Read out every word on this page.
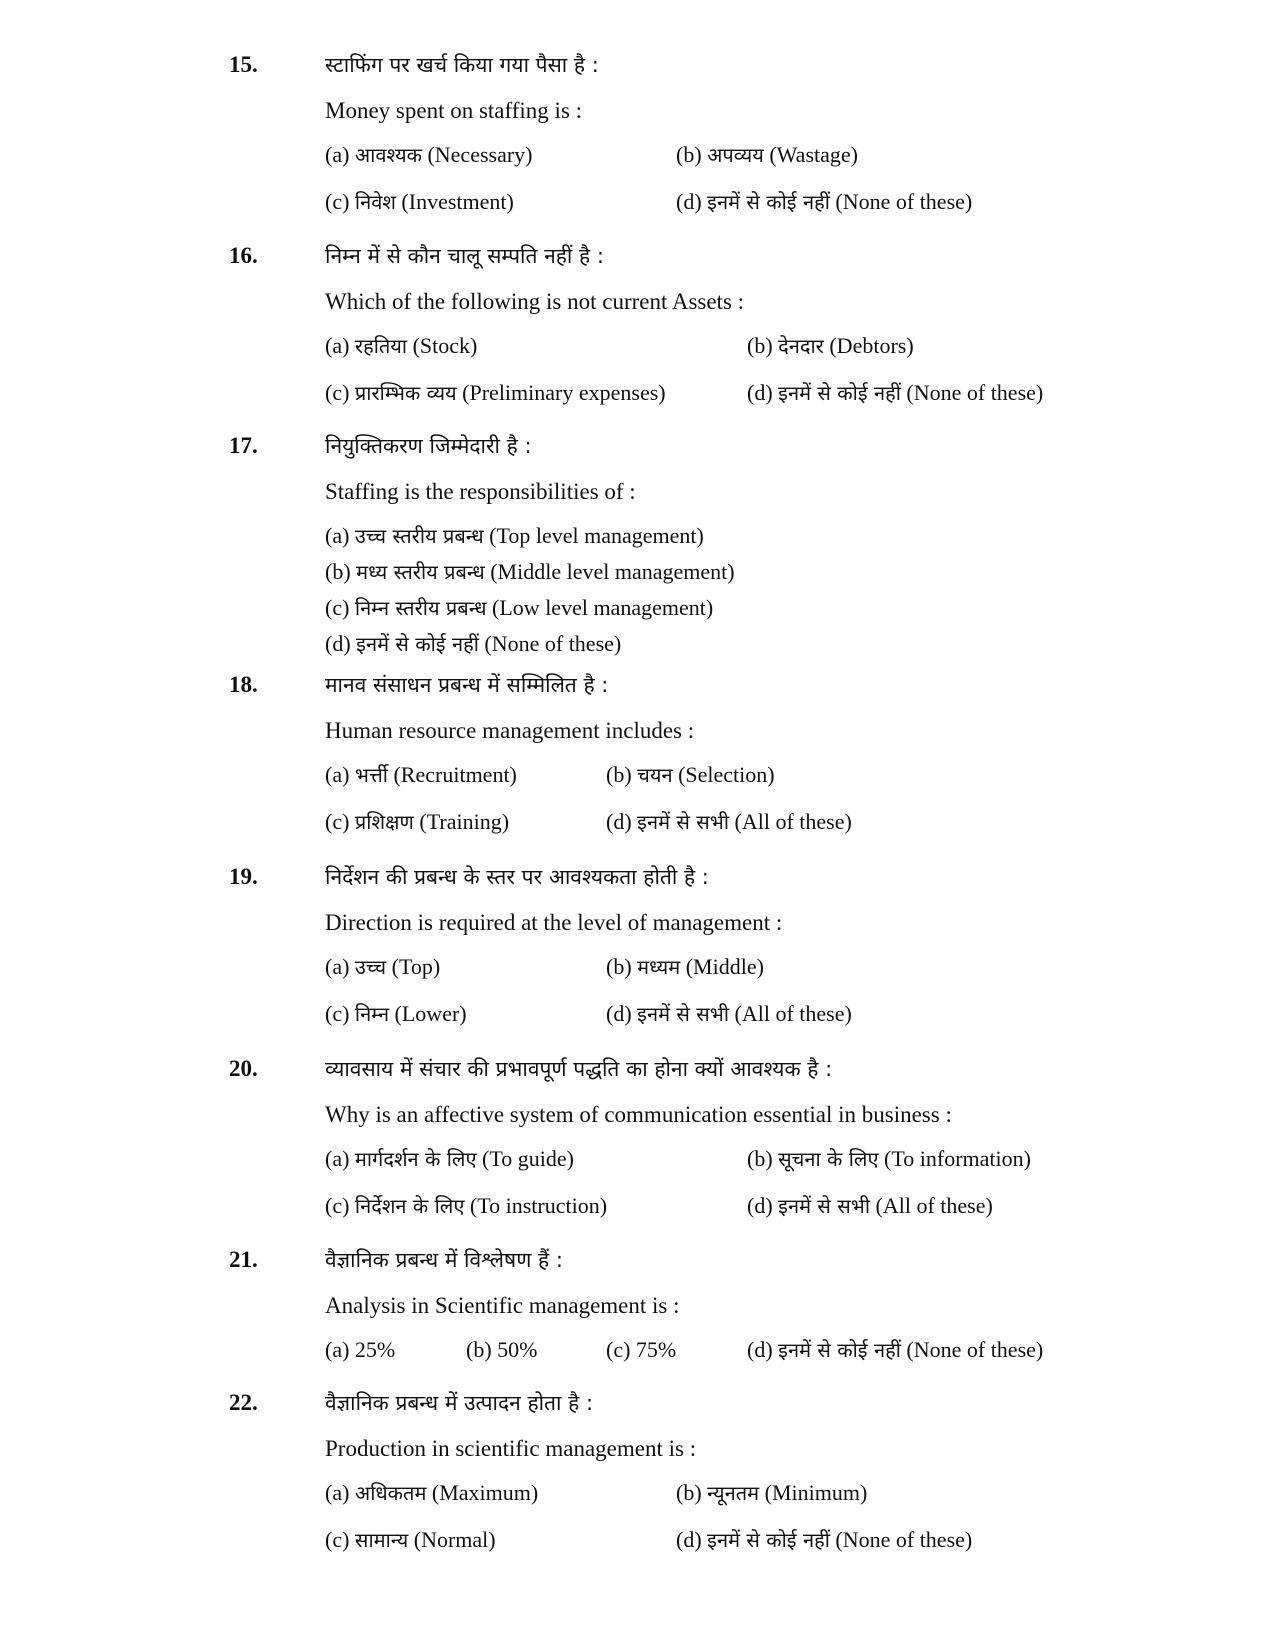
15.	स्टाफिंग पर खर्च किया गया पैसा है :
Money spent on staffing is :
(a) आवश्यक (Necessary)	(b) अपव्यय (Wastage)
(c) निवेश (Investment)	(d) इनमें से कोई नहीं (None of these)
16.	निम्न में से कौन चालू सम्पति नहीं है :
Which of the following is not current Assets :
(a) रहतिया (Stock)	(b) देनदार (Debtors)
(c) प्रारम्भिक व्यय (Preliminary expenses)	(d) इनमें से कोई नहीं (None of these)
17.	नियुक्तिकरण जिम्मेदारी है :
Staffing is the responsibilities of :
(a) उच्च स्तरीय प्रबन्ध (Top level management)
(b) मध्य स्तरीय प्रबन्ध (Middle level management)
(c) निम्न स्तरीय प्रबन्ध (Low level management)
(d) इनमें से कोई नहीं (None of these)
18.	मानव संसाधन प्रबन्ध में सम्मिलित है :
Human resource management includes :
(a) भर्त्ती (Recruitment)	(b) चयन (Selection)
(c) प्रशिक्षण (Training)	(d) इनमें से सभी (All of these)
19.	निर्देशन की प्रबन्ध के स्तर पर आवश्यकता होती है :
Direction is required at the level of management :
(a) उच्च (Top)	(b) मध्यम (Middle)
(c) निम्न (Lower)	(d) इनमें से सभी (All of these)
20.	व्यावसाय में संचार की प्रभावपूर्ण पद्धति का होना क्यों आवश्यक है :
Why is an affective system of communication essential in business :
(a) मार्गदर्शन के लिए (To guide)	(b) सूचना के लिए (To information)
(c) निर्देशन के लिए (To instruction)	(d) इनमें से सभी (All of these)
21.	वैज्ञानिक प्रबन्ध में विश्लेषण हैं :
Analysis in Scientific management is :
(a) 25%	(b) 50%	(c) 75%	(d) इनमें से कोई नहीं (None of these)
22.	वैज्ञानिक प्रबन्ध में उत्पादन होता है :
Production in scientific management is :
(a) अधिकतम (Maximum)	(b) न्यूनतम (Minimum)
(c) सामान्य (Normal)	(d) इनमें से कोई नहीं (None of these)
